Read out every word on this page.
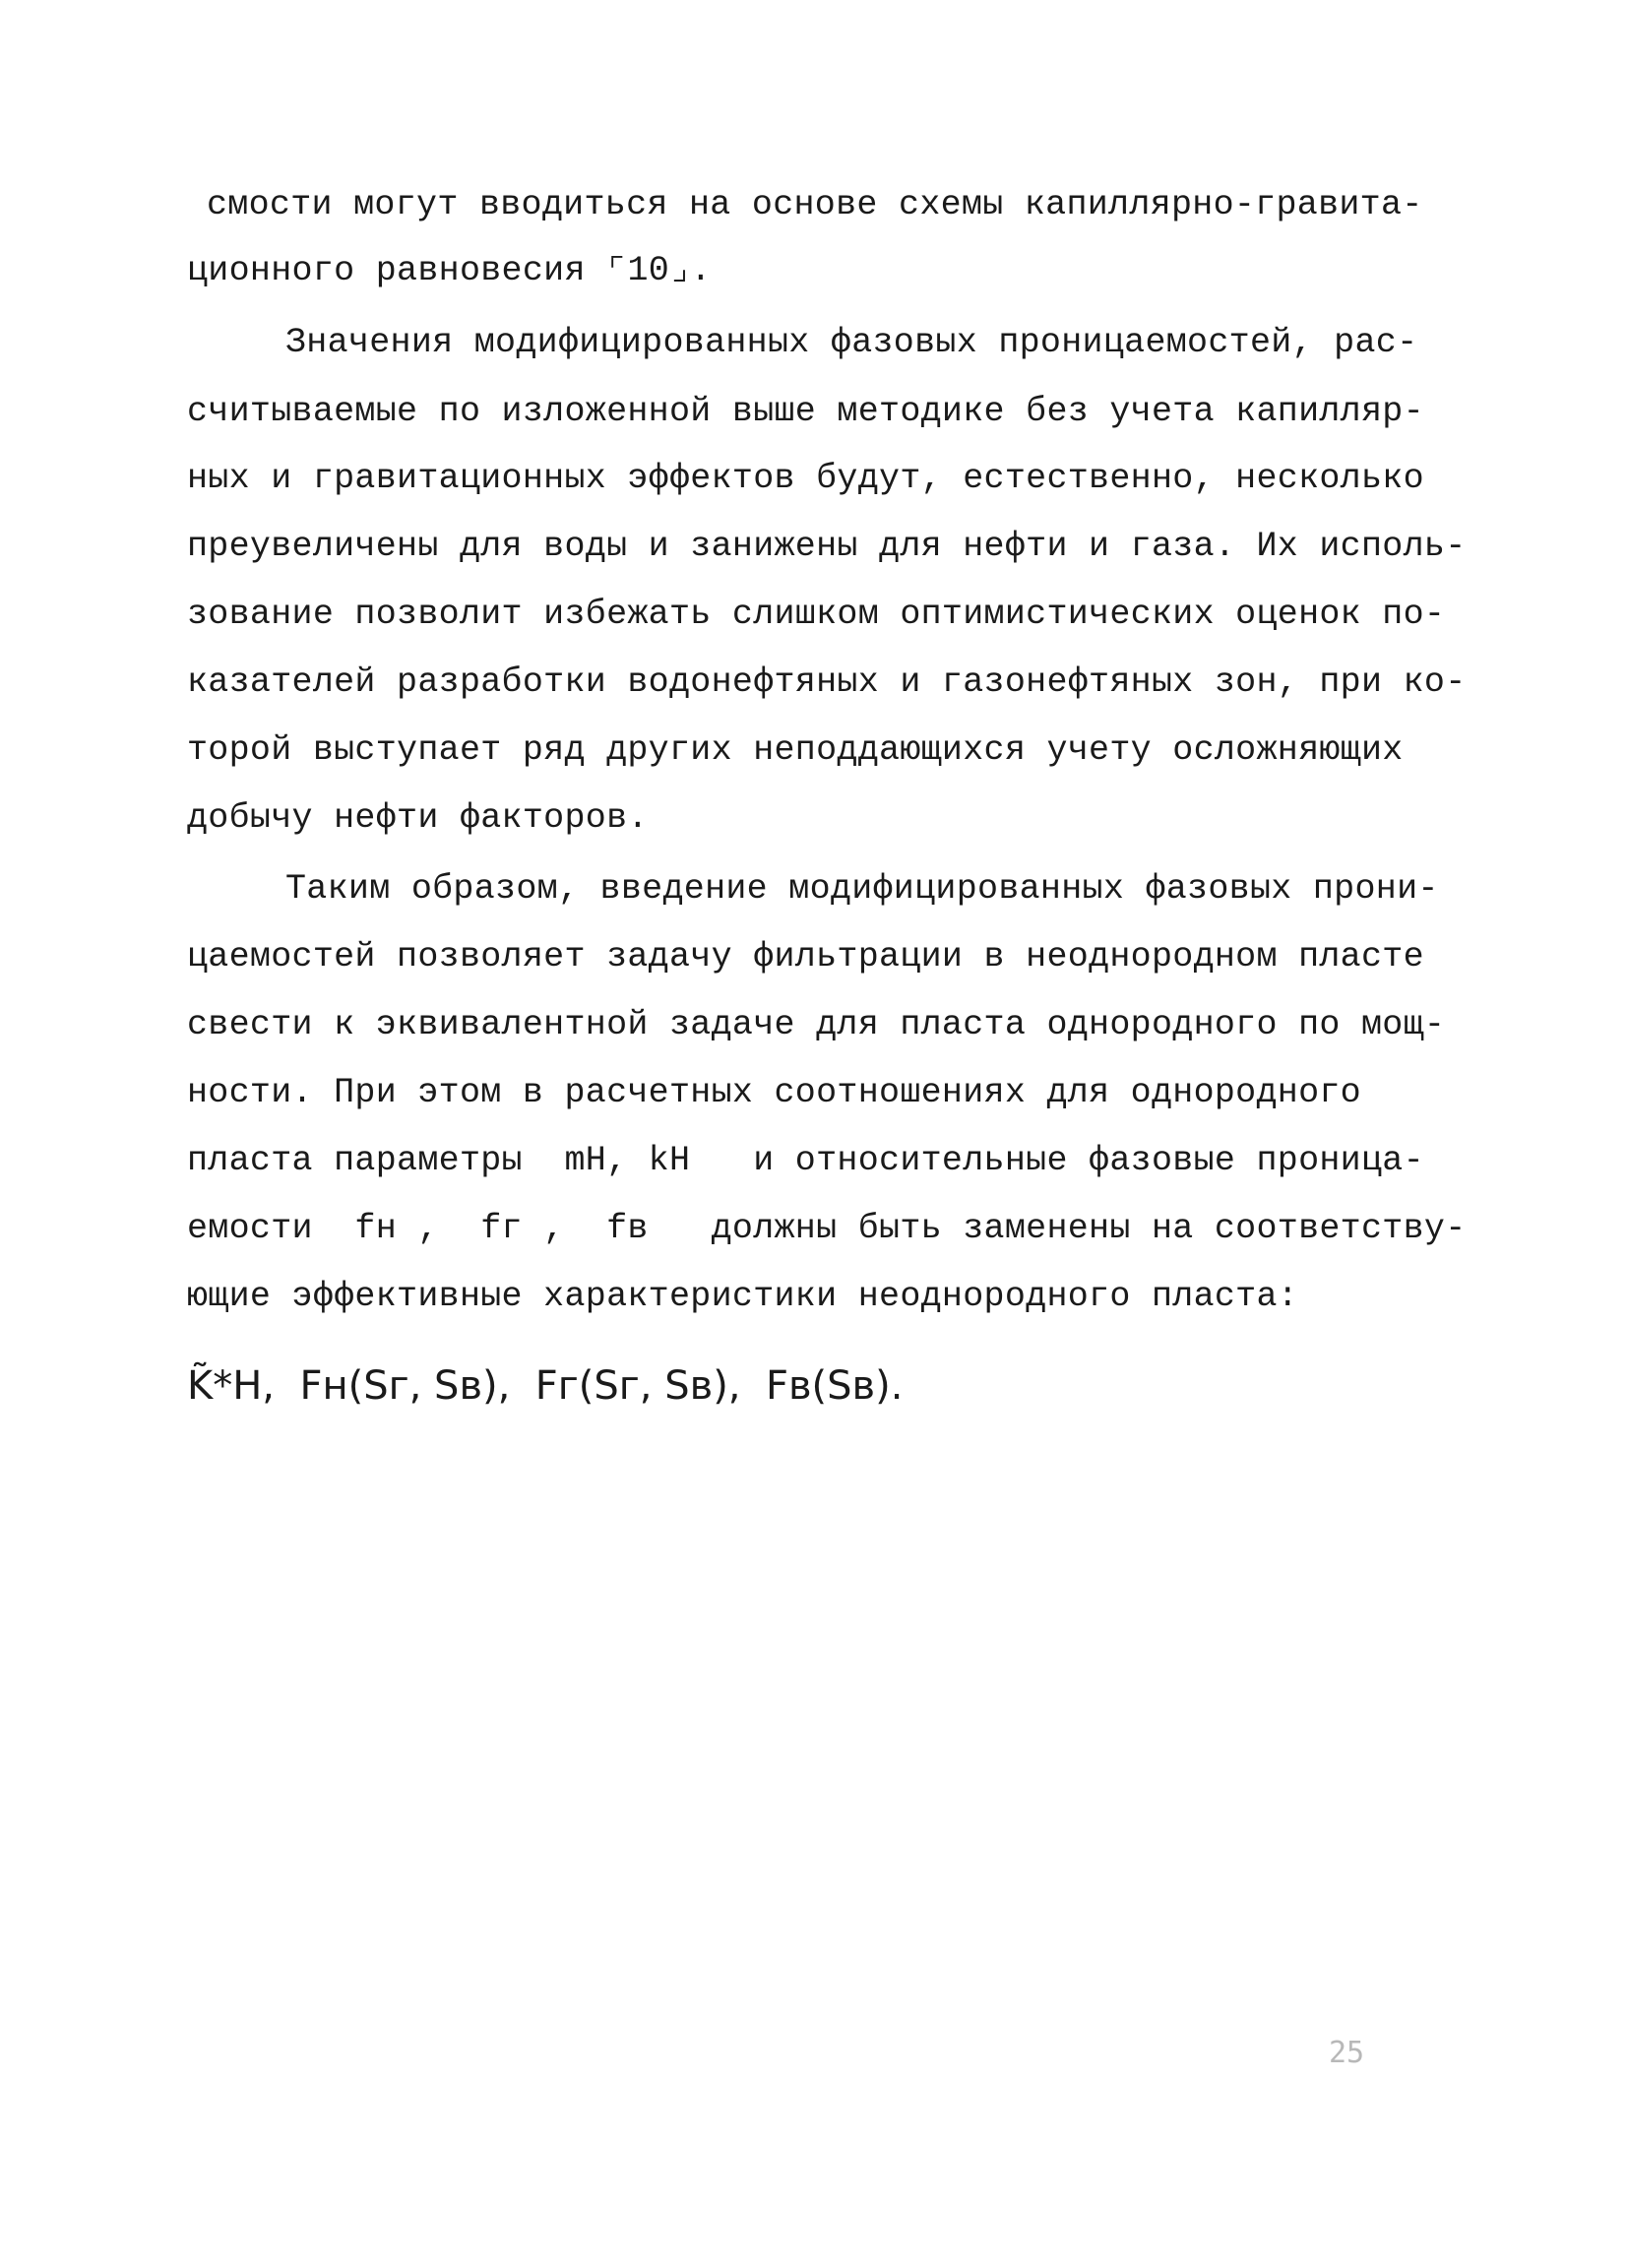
смости могут вводиться на основе схемы капиллярно-гравита-
ционного равновесия ⌜10⌟.
Значения модифицированных фазовых проницаемостей, рас-
считываемые по изложенной выше методике без учета капилляр-
ных и гравитационных эффектов будут, естественно, несколько
преувеличены для воды и занижены для нефти и газа. Их исполь-
зование позволит избежать слишком оптимистических оценок по-
казателей разработки водонефтяных и газонефтяных зон, при ко-
торой выступает ряд других неподдающихся учету осложняющих
добычу нефти факторов.
Таким образом, введение модифицированных фазовых прони-
цаемостей позволяет задачу фильтрации в неоднородном пласте
свести к эквивалентной задаче для пласта однородного по мощ-
ности. При этом в расчетных соотношениях для однородного
пласта параметры  mH, kH   и относительные фазовые проница-
емости  fн ,  fг ,  fв   должны быть заменены на соответству-
ющие эффективные характеристики неоднородного пласта:
K̃*H,  Fн(Sг, Sв),  Fг(Sг, Sв),  Fв(Sв).
25
